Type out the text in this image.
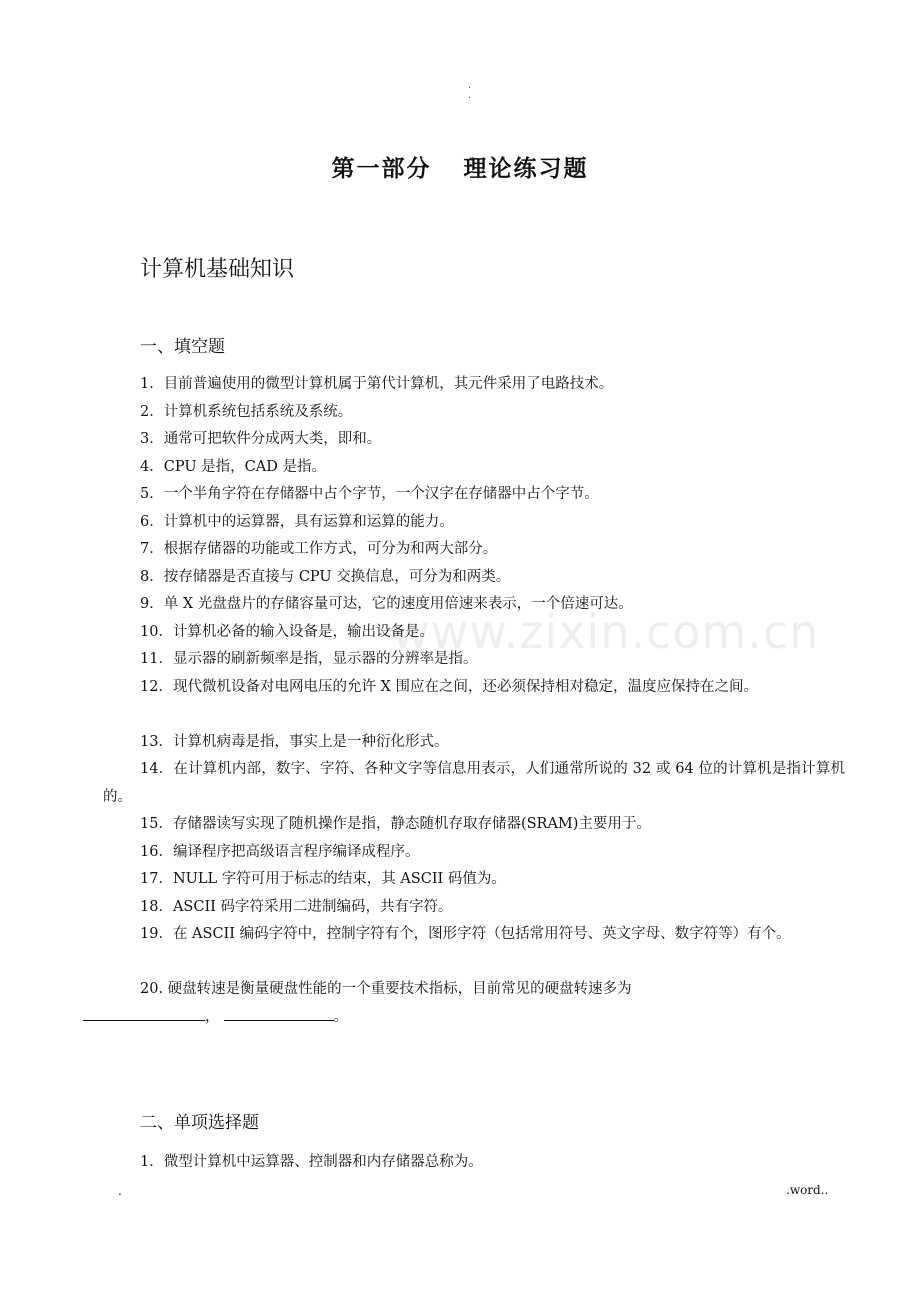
·
·
第一部分 理论练习题
计算机基础知识
一、填空题
www.zixin.com.cn
1．目前普遍使用的微型计算机属于第代计算机，其元件采用了电路技术。
2．计算机系统包括系统及系统。
3．通常可把软件分成两大类，即和。
4．CPU 是指，CAD 是指。
5．一个半角字符在存储器中占个字节，一个汉字在存储器中占个字节。
6．计算机中的运算器，具有运算和运算的能力。
7．根据存储器的功能或工作方式，可分为和两大部分。
8．按存储器是否直接与 CPU 交换信息，可分为和两类。
9．单 X 光盘盘片的存储容量可达，它的速度用倍速来表示，一个倍速可达。
10．计算机必备的输入设备是，输出设备是。
11．显示器的刷新频率是指，显示器的分辨率是指。
12．现代微机设备对电网电压的允许 X 围应在之间，还必须保持相对稳定，温度应保持在之间。
13．计算机病毒是指，事实上是一种衍化形式。
14．在计算机内部，数字、字符、各种文字等信息用表示，人们通常所说的 32 或 64 位的计算机是指计算机的。
15．存储器读写实现了随机操作是指，静态随机存取存储器(SRAM)主要用于。
16．编译程序把高级语言程序编译成程序。
17．NULL 字符可用于标志的结束，其 ASCII 码值为。
18．ASCII 码字符采用二进制编码，共有字符。
19．在 ASCII 编码字符中，控制字符有个，图形字符（包括常用符号、英文字母、数字符等）有个。
20. 硬盘转速是衡量硬盘性能的一个重要技术指标，目前常见的硬盘转速多为
，	。
二、单项选择题
1．微型计算机中运算器、控制器和内存储器总称为。
.	.word..
